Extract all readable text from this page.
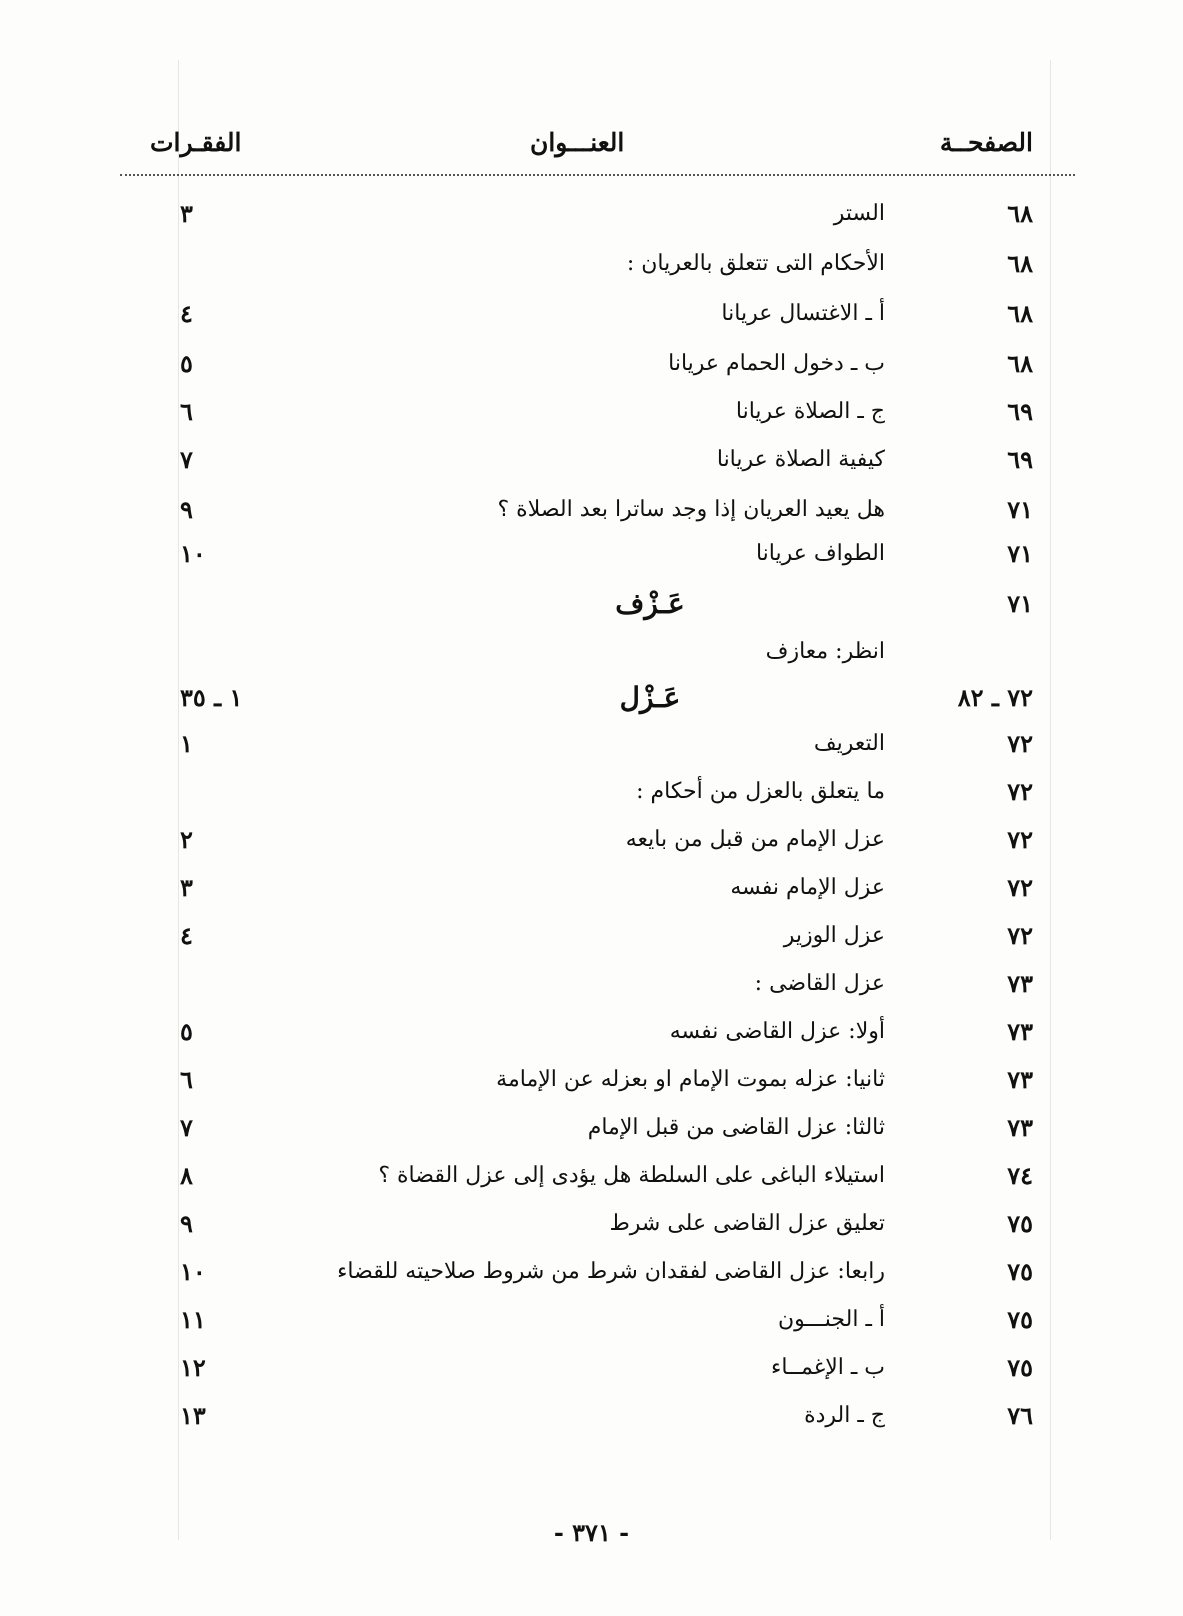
الصفحــة
العنـــوان
الفقـرات
٦٨
الستر
٣
٦٨
الأحكام التى تتعلق بالعريان :
٦٨
أ ـ الاغتسال عريانا
٤
٦٨
ب ـ دخول الحمام عريانا
٥
٦٩
ج ـ الصلاة عريانا
٦
٦٩
كيفية الصلاة عريانا
٧
٧١
هل يعيد العريان إذا وجد ساترا بعد الصلاة ؟
٩
٧١
الطواف عريانا
١٠
٧١
عَـزْف
انظر: معازف
٧٢ ـ ٨٢
عَـزْل
١ ـ ٣٥
٧٢
التعريف
١
٧٢
ما يتعلق بالعزل من أحكام :
٧٢
عزل الإمام من قبل من بايعه
٢
٧٢
عزل الإمام نفسه
٣
٧٢
عزل الوزير
٤
٧٣
عزل القاضى :
٧٣
أولا: عزل القاضى نفسه
٥
٧٣
ثانيا: عزله بموت الإمام او بعزله عن الإمامة
٦
٧٣
ثالثا: عزل القاضى من قبل الإمام
٧
٧٤
استيلاء الباغى على السلطة هل يؤدى إلى عزل القضاة ؟
٨
٧٥
تعليق عزل القاضى على شرط
٩
٧٥
رابعا: عزل القاضى لفقدان شرط من شروط صلاحيته للقضاء
١٠
٧٥
أ ـ الجنـــون
١١
٧٥
ب ـ الإغمــاء
١٢
٧٦
ج ـ الردة
١٣
- ٣٧١ -
